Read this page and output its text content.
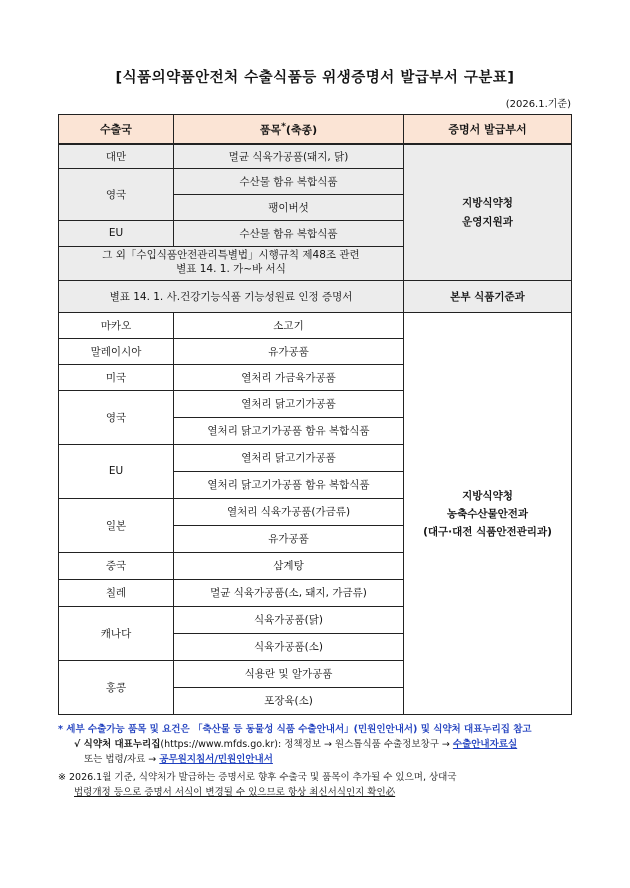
[식품의약품안전처 수출식품등 위생증명서 발급부서 구분표]
(2026.1.기준)
수출국	품목*(축종)	증명서 발급부서
대만	멸균 식육가공품(돼지, 닭)	지방식약청
운영지원과

영국	수산물 함유 복합식품	
	팽이버섯	
EU	수산물 함유 복합식품	

그 외「수입식품안전관리특별법」시행규칙 제48조 관련
별표 14. 1. 가~바 서식		

별표 14. 1. 사.건강기능식품 기능성원료 인정 증명서		본부 식품기준과
마카오	소고기	지방식약청
농축수산물안전과
(대구·대전 식품안전관리과)

말레이시아	유가공품	
미국	열처리 가금육가공품	
영국	열처리 닭고기가공품	
	열처리 닭고기가공품 함유 복합식품	
EU	열처리 닭고기가공품	
	열처리 닭고기가공품 함유 복합식품	
일본	열처리 식육가공품(가금류)	
	유가공품	
중국	삼계탕	
칠레	멸균 식육가공품(소, 돼지, 가금류)	
캐나다	식육가공품(닭)	
	식육가공품(소)	
홍콩	식용란 및 알가공품	
	포장육(소)	
* 세부 수출가능 품목 및 요건은 「축산물 등 동물성 식품 수출안내서」(민원인안내서) 및 식약처 대표누리집 참고
√ 식약처 대표누리집(https://www.mfds.go.kr): 정책정보 → 원스톱식품 수출정보창구 → 수출안내자료실
또는 법령/자료 → 공무원지침서/민원인안내서
※ 2026.1월 기준, 식약처가 발급하는 증명서로 향후 수출국 및 품목이 추가될 수 있으며, 상대국
법령개정 등으로 증명서 서식이 변경될 수 있으므로 항상 최신서식인지 확인必
